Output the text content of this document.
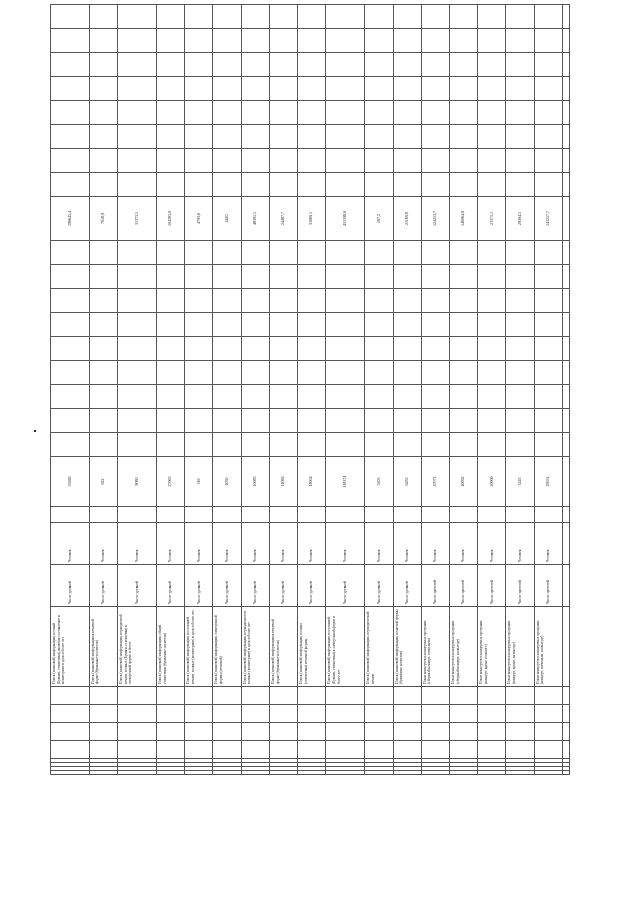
								Поиск (плановой) информации, полный (Бумаги, статистика), включая составление и мониторинг в срок и более лет	Число уровней	Человек		33926										196645,4								
								Поиск (плановой) информации в печатной форме (бумажные носители)	Число уровней	Человек		922										7018,9								
								Поиск (плановой) информации, периодичной печати, полных (Бумаги, статистика) в электронной форме и более	Число уровней	Человек		8080										31373,5								
								Поиск (плановой) информации, общей статистики (бумажные носители)	Число уровней	Человек		27063										104383,9								
								Поиск (плановой) информации, постоянной печати, полных (мониторинг) в срок и более лет	Число уровней	Человек		316										4793,6								
								Поиск (плановой) информации, электронной формы (печатной)	Число уровней	Человек		4030										4420								
								Поиск (плановой) информации, периодичности, полных (мониторинг) в срок и более лет	Число уровней	Человек		10083										48391,1								
								Поиск (плановой) информации в печатной форме (бумажные носители)	Число уровней	Человек		14084										24487,7								
								Поиск (плановой) информации, полных (статистика) печатной формы	Число уровней	Человек		18004										31669,1								
								Поиск (плановой) информации, постоянной (Бумаги, статистика) в электронной форме и более лет	Число уровней	Человек		118374										451598,6								
								Поиск (плановой) информации, периодической печати	Число уровней	Человек		5503										597,2								
								Поиск (плановой) информации, печатной формы (бумажные носители)	Число уровней	Человек		6435										21169,8								
								Показ концертов и концертных программ (сборный концерт, спектакли)	Число зрителей	Человек		47071										124253,7								
								Показ концертов и концертных программ (сборный концерт, на выезде)	Число зрителей	Человек		40092										146064,8								
								Показ концертов и концертных программ (концерт, кроме сольного)	Число зрителей	Человек		20000										23371,1								
								Показ концертов и концертных программ (концерт, кроме, на выезде)	Число зрителей	Человек		3243										29394,1								
								Показ концертов и концертных программ (концерт, спектакли, на выезде)	Число зрителей	Человек		29551										141257,7								
